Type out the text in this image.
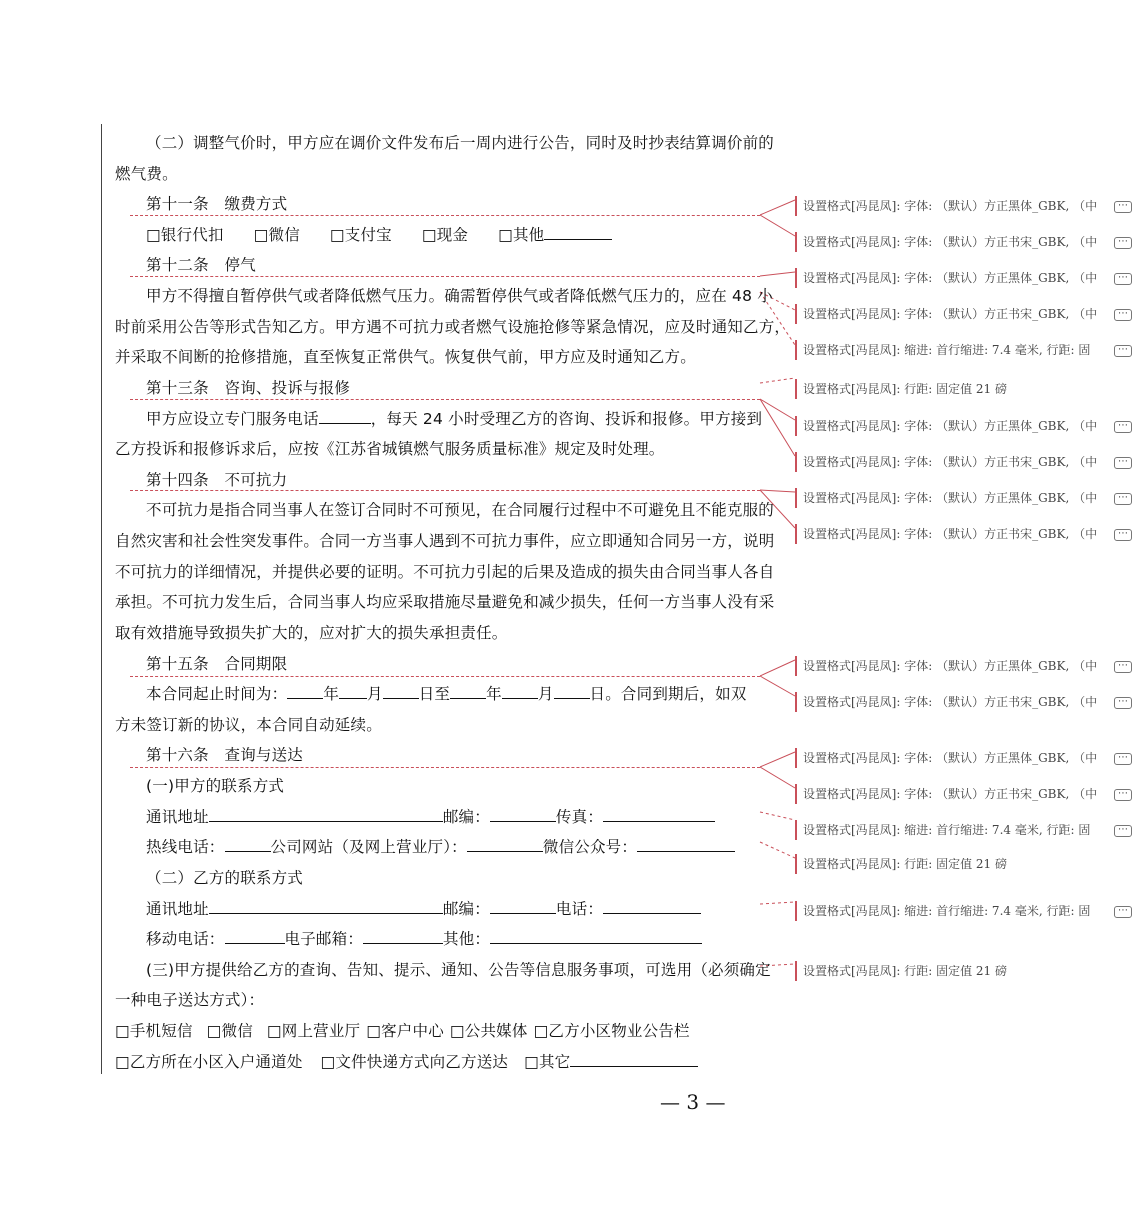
（二）调整气价时，甲方应在调价文件发布后一周内进行公告，同时及时抄表结算调价前的
燃气费。
第十一条　缴费方式
□银行代扣 □微信 □支付宝 □现金 □其他
第十二条　停气
甲方不得擅自暂停供气或者降低燃气压力。确需暂停供气或者降低燃气压力的，应在 48 小
时前采用公告等形式告知乙方。甲方遇不可抗力或者燃气设施抢修等紧急情况，应及时通知乙方，
并采取不间断的抢修措施，直至恢复正常供气。恢复供气前，甲方应及时通知乙方。
第十三条　咨询、投诉与报修
甲方应设立专门服务电话	，每天 24 小时受理乙方的咨询、投诉和报修。甲方接到
乙方投诉和报修诉求后，应按《江苏省城镇燃气服务质量标准》规定及时处理。
第十四条　不可抗力
不可抗力是指合同当事人在签订合同时不可预见，在合同履行过程中不可避免且不能克服的
自然灾害和社会性突发事件。合同一方当事人遇到不可抗力事件，应立即通知合同另一方，说明
不可抗力的详细情况，并提供必要的证明。不可抗力引起的后果及造成的损失由合同当事人各自
承担。不可抗力发生后，合同当事人均应采取措施尽量避免和减少损失，任何一方当事人没有采
取有效措施导致损失扩大的，应对扩大的损失承担责任。
第十五条　合同期限
本合同起止时间为： 年 月 日至 年 月 日。合同到期后，如双
方未签订新的协议，本合同自动延续。
第十六条　查询与送达
(一)甲方的联系方式
通讯地址	邮编：	传真：
热线电话：	公司网站（及网上营业厅）：	微信公众号：
（二）乙方的联系方式
通讯地址	邮编：	电话：
移动电话：	电子邮箱：	其他：
(三)甲方提供给乙方的查询、告知、提示、通知、公告等信息服务事项，可选用（必须确定
一种电子送达方式）：
□手机短信 □微信 □网上营业厅 □客户中心 □公共媒体 □乙方小区物业公告栏
□乙方所在小区入户通道处 □文件快递方式向乙方送达 □其它
— 3 —
设置格式[冯昆凤]: 字体: （默认）方正黑体_GBK, （中	⋯
设置格式[冯昆凤]: 字体: （默认）方正书宋_GBK, （中	⋯
设置格式[冯昆凤]: 字体: （默认）方正黑体_GBK, （中	⋯
设置格式[冯昆凤]: 字体: （默认）方正书宋_GBK, （中	⋯
设置格式[冯昆凤]: 缩进: 首行缩进: 7.4 毫米, 行距: 固	⋯
设置格式[冯昆凤]: 行距: 固定值 21 磅
设置格式[冯昆凤]: 字体: （默认）方正黑体_GBK, （中	⋯
设置格式[冯昆凤]: 字体: （默认）方正书宋_GBK, （中	⋯
设置格式[冯昆凤]: 字体: （默认）方正黑体_GBK, （中	⋯
设置格式[冯昆凤]: 字体: （默认）方正书宋_GBK, （中	⋯
设置格式[冯昆凤]: 字体: （默认）方正黑体_GBK, （中	⋯
设置格式[冯昆凤]: 字体: （默认）方正书宋_GBK, （中	⋯
设置格式[冯昆凤]: 字体: （默认）方正黑体_GBK, （中	⋯
设置格式[冯昆凤]: 字体: （默认）方正书宋_GBK, （中	⋯
设置格式[冯昆凤]: 缩进: 首行缩进: 7.4 毫米, 行距: 固	⋯
设置格式[冯昆凤]: 行距: 固定值 21 磅
设置格式[冯昆凤]: 缩进: 首行缩进: 7.4 毫米, 行距: 固	⋯
设置格式[冯昆凤]: 行距: 固定值 21 磅
